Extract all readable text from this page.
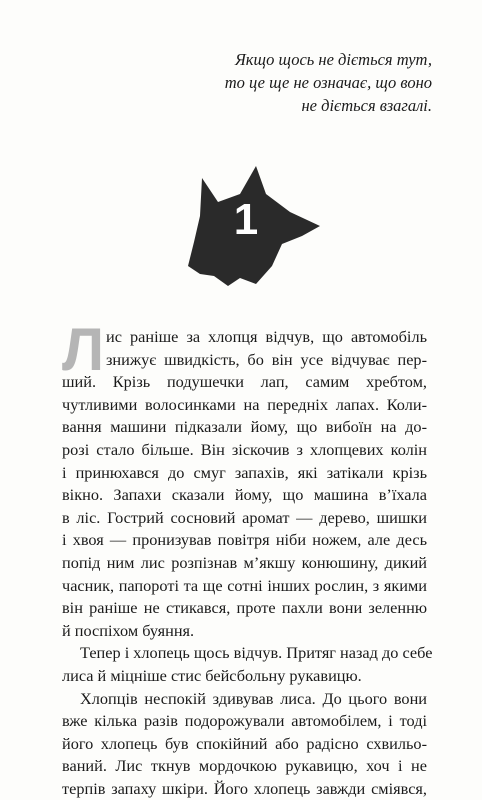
Якщо щось не діється тут,
то це ще не означає, що воно
не діється взагалі.
1
Л ис раніше за хлопця відчув, що автомобіль
знижує швидкість, бо він усе відчуває пер-
ший. Крізь подушечки лап, самим хребтом,
чутливими волосинками на передніх лапах. Коли-
вання машини підказали йому, що вибоїн на до-
розі стало більше. Він зіскочив з хлопцевих колін
і принюхався до смуг запахів, які затікали крізь
вікно. Запахи сказали йому, що машина в’їхала
в ліс. Гострий сосновий аромат — дерево, шишки
і хвоя — пронизував повітря ніби ножем, але десь
попід ним лис розпізнав м’якшу конюшину, дикий
часник, папороті та ще сотні інших рослин, з якими
він раніше не стикався, проте пахли вони зеленню
й поспіхом буяння.
Тепер і хлопець щось відчув. Притяг назад до себе
лиса й міцніше стис бейсбольну рукавицю.
Хлопців неспокій здивував лиса. До цього вони
вже кілька разів подорожували автомобілем, і тоді
його хлопець був спокійний або радісно схвильо-
ваний. Лис ткнув мордочкою рукавицю, хоч і не
терпів запаху шкіри. Його хлопець завжди сміявся,
